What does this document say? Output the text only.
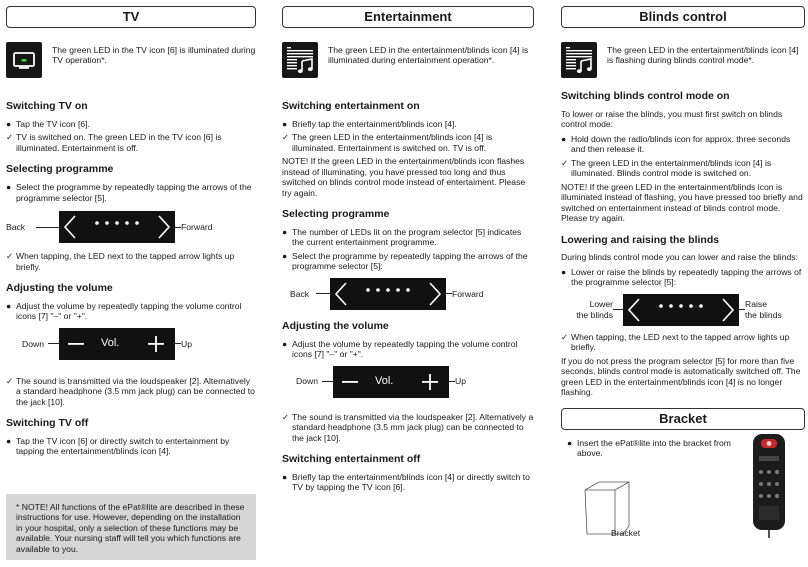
TV

The green LED in the TV icon [6] is illuminated during TV operation*.

Switching TV on
● Tap the TV icon [6].
✓ TV is switched on. The green LED in the TV icon [6] is illuminated. Entertainment is off.
Selecting programme
● Select the programme by repeatedly tapping the arrows of the programme selector [5].
Back	Forward
✓ When tapping, the LED next to the tapped arrow lights up briefly.
Adjusting the volume
● Adjust the volume by repeatedly tapping the volume control icons [7] "–" or "+".
Down	Vol.	Up
✓ The sound is transmitted via the loudspeaker [2]. Alternatively a standard headphone (3.5 mm jack plug) can be connected to the jack [10].
Switching TV off
● Tap the TV icon [6] or directly switch to entertainment by tapping the entertainment/blinds icon [4].
* NOTE! All functions of the ePat®lite are described in these instructions for use. However, depending on the installation in your hospital, only a selection of these functions may be available. Your nursing staff will tell you which functions are available to you.
Entertainment

The green LED in the entertainment/blinds icon [4] is illuminated during entertainment operation*.

Switching entertainment on
● Briefly tap the entertainment/blinds icon [4].
✓ The green LED in the entertainment/blinds icon [4] is illuminated. Entertainment is switched on. TV is off.

NOTE! If the green LED in the entertainment/blinds icon flashes instead of illuminating, you have pressed too long and thus switched on blinds control mode instead of entertaiment. Please try again.

Selecting programme
● The number of LEDs lit on the program selector [5] indicates the current entertainment programme.
● Select the programme by repeatedly tapping the arrows of the programme selector [5]:
Back	Forward
Adjusting the volume
● Adjust the volume by repeatedly tapping the volume control icons [7] "–" or "+".
Down	Vol.	Up
✓ The sound is transmitted via the loudspeaker [2]. Alternatively a standard headphone (3.5 mm jack plug) can be connected to the jack [10].
Switching entertainment off
● Briefly tap the entertainment/blinds icon [4] or directly switch to TV by tapping the TV icon [6].
Blinds control

The green LED in the entertainment/blinds icon [4] is flashing during blinds control mode*.

Switching blinds control mode on

To lower or raise the blinds, you must first switch on blinds control mode:

● Hold down the radio/blinds icon for approx. three seconds and then release it.
✓ The green LED in the entertainment/blinds icon [4] is illuminated. Blinds control mode is switched on.

NOTE! If the green LED in the entertainment/blinds icon is illuminated instead of flashing, you have pressed too briefly and switched on entertainment instead of blinds control mode. Please try again.

Lowering and raising the blinds

During blinds control mode you can lower and raise the blinds:

● Lower or raise the blinds by repeatedly tapping the arrows of the programme selector [5]:
Lower
the blinds
Raise
the blinds
✓ When tapping, the LED next to the tapped arrow lights up briefly.

If you do not press the program selector [5] for more than five seconds, blinds control mode is automatically switched off. The green LED in the entertainment/blinds icon [4] is no longer flashing.

Bracket
● Insert the ePat®lite into the bracket from above.
Bracket
